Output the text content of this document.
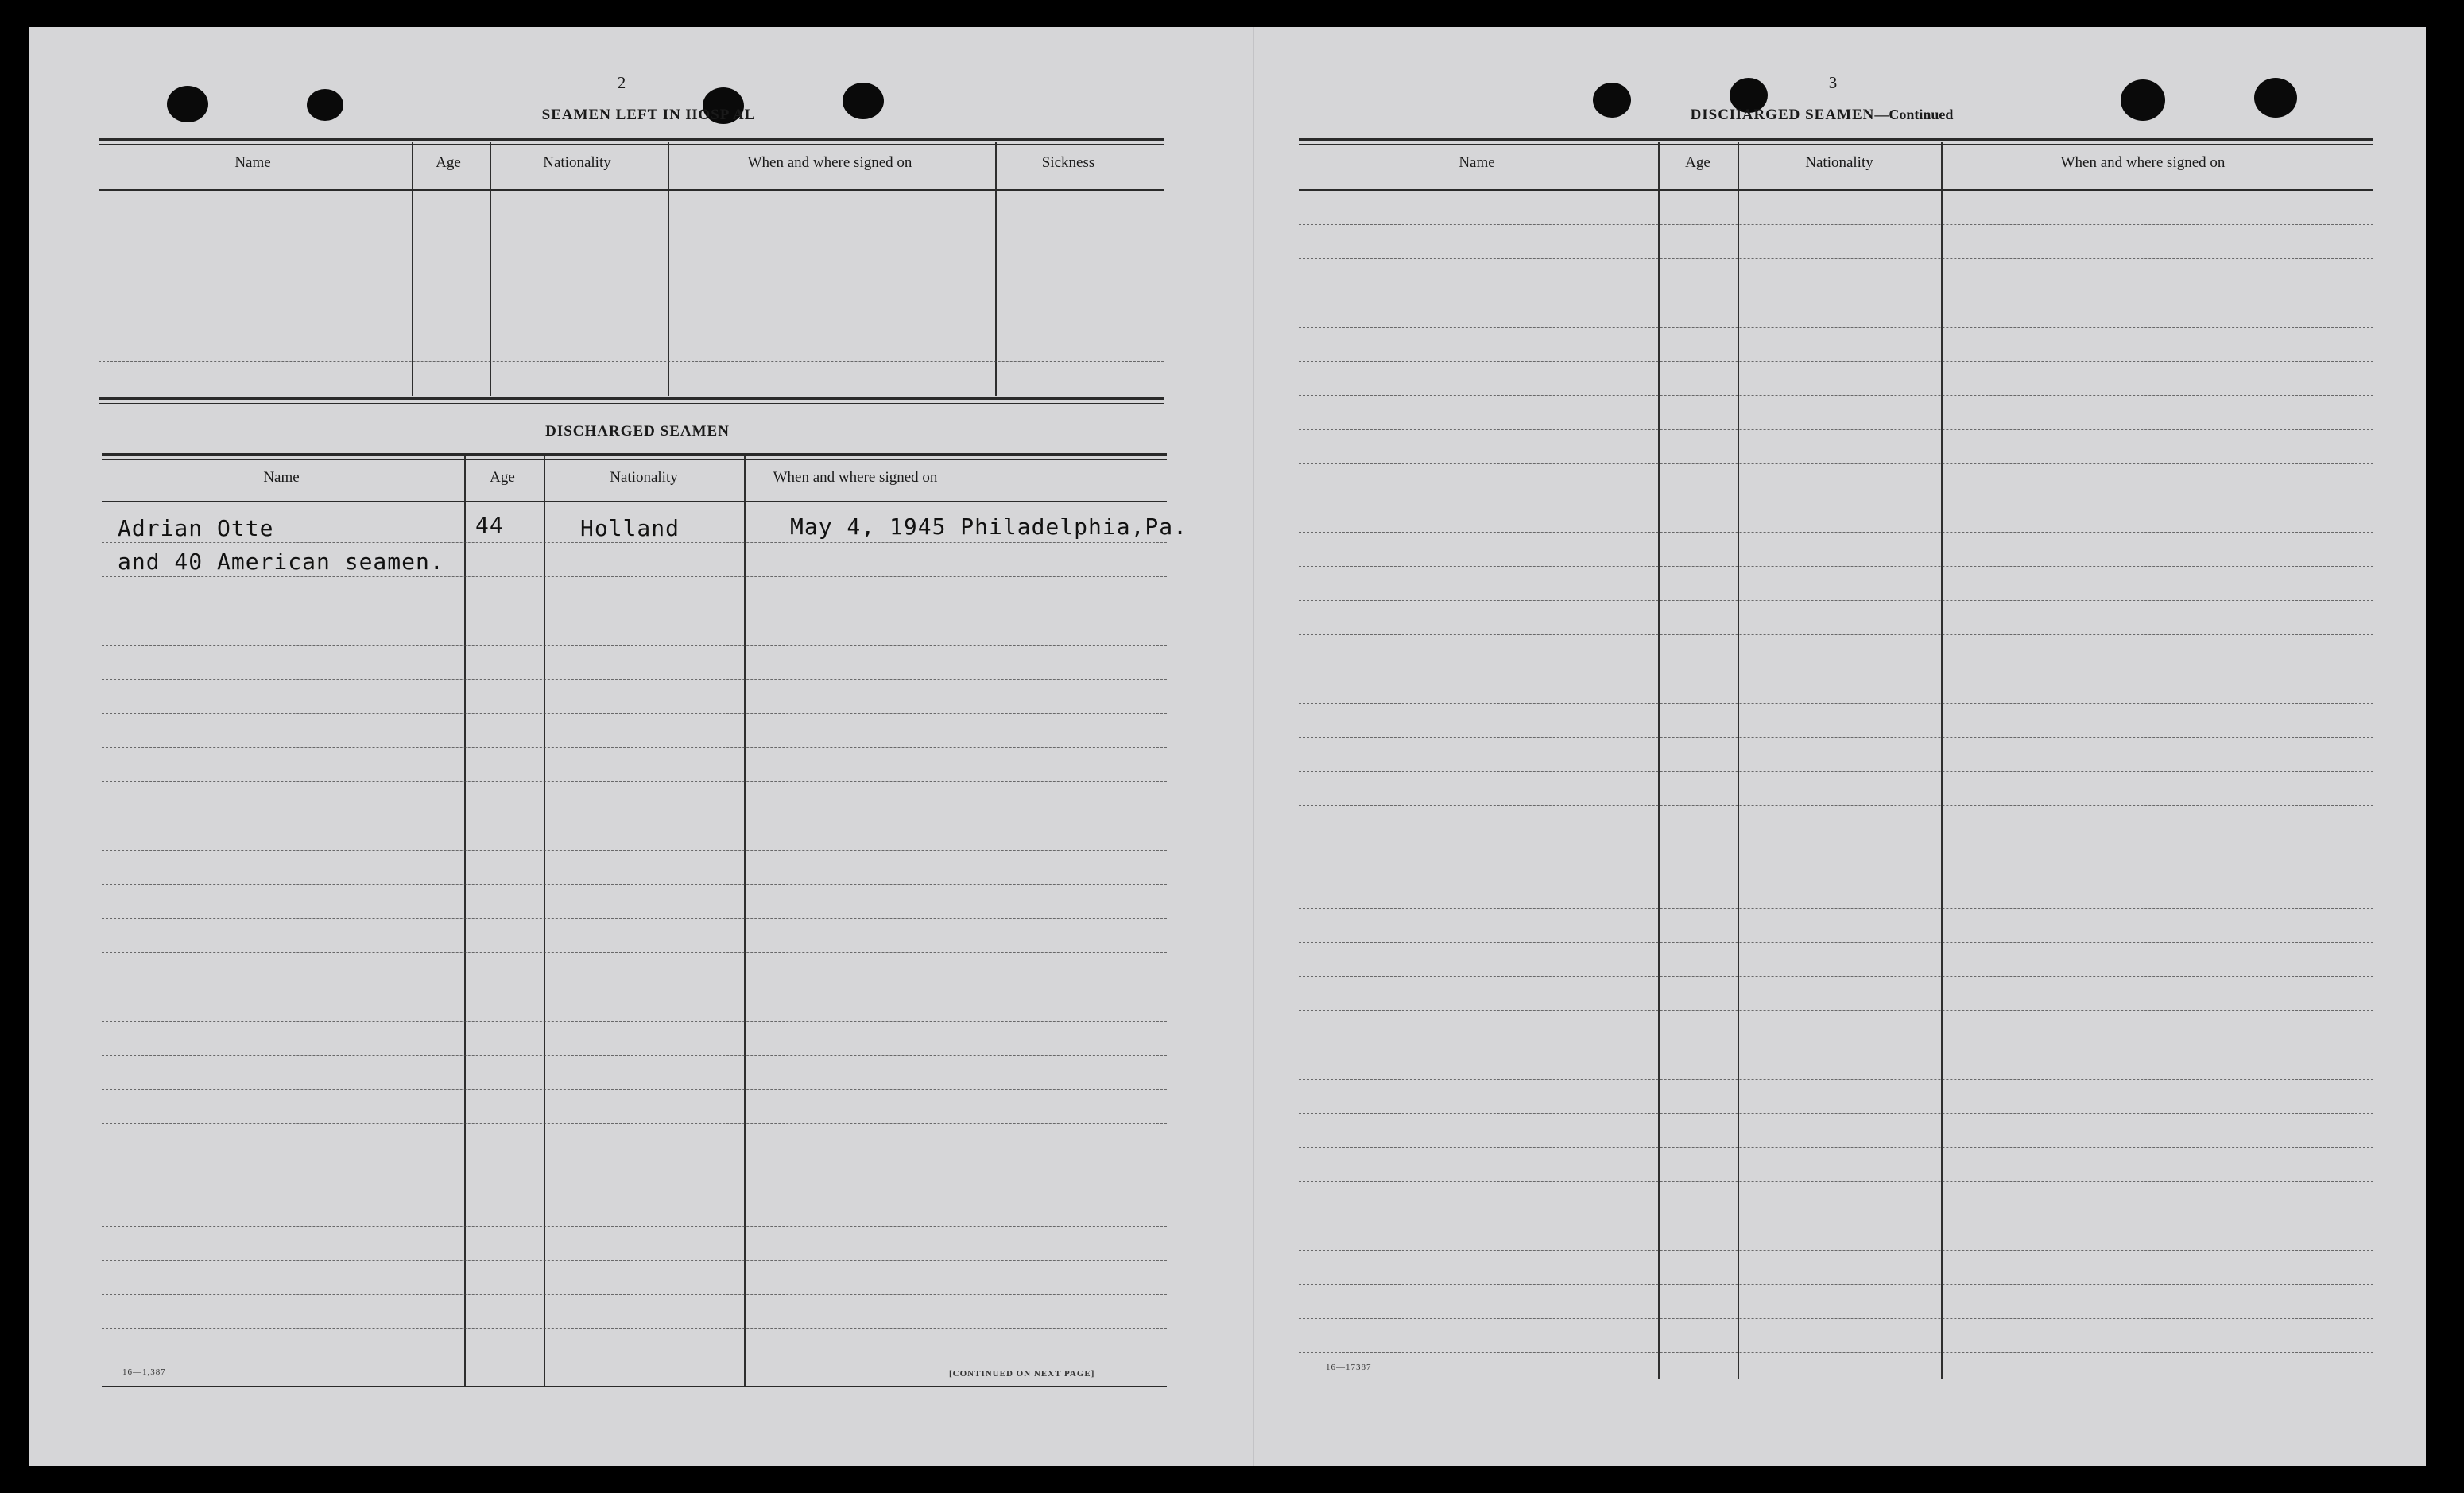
2
SEAMEN LEFT IN HOSP AL
Name	Age	Nationality	When and where signed on	Sickness
DISCHARGED SEAMEN
Name	Age	Nationality	When and where signed on
Adrian Otte	44	Holland	May 4, 1945 Philadelphia,Pa.
and 40 American seamen.
16—1,387	[CONTINUED ON NEXT PAGE]
3
DISCHARGED SEAMEN—Continued
Name	Age	Nationality	When and where signed on
16—17387
